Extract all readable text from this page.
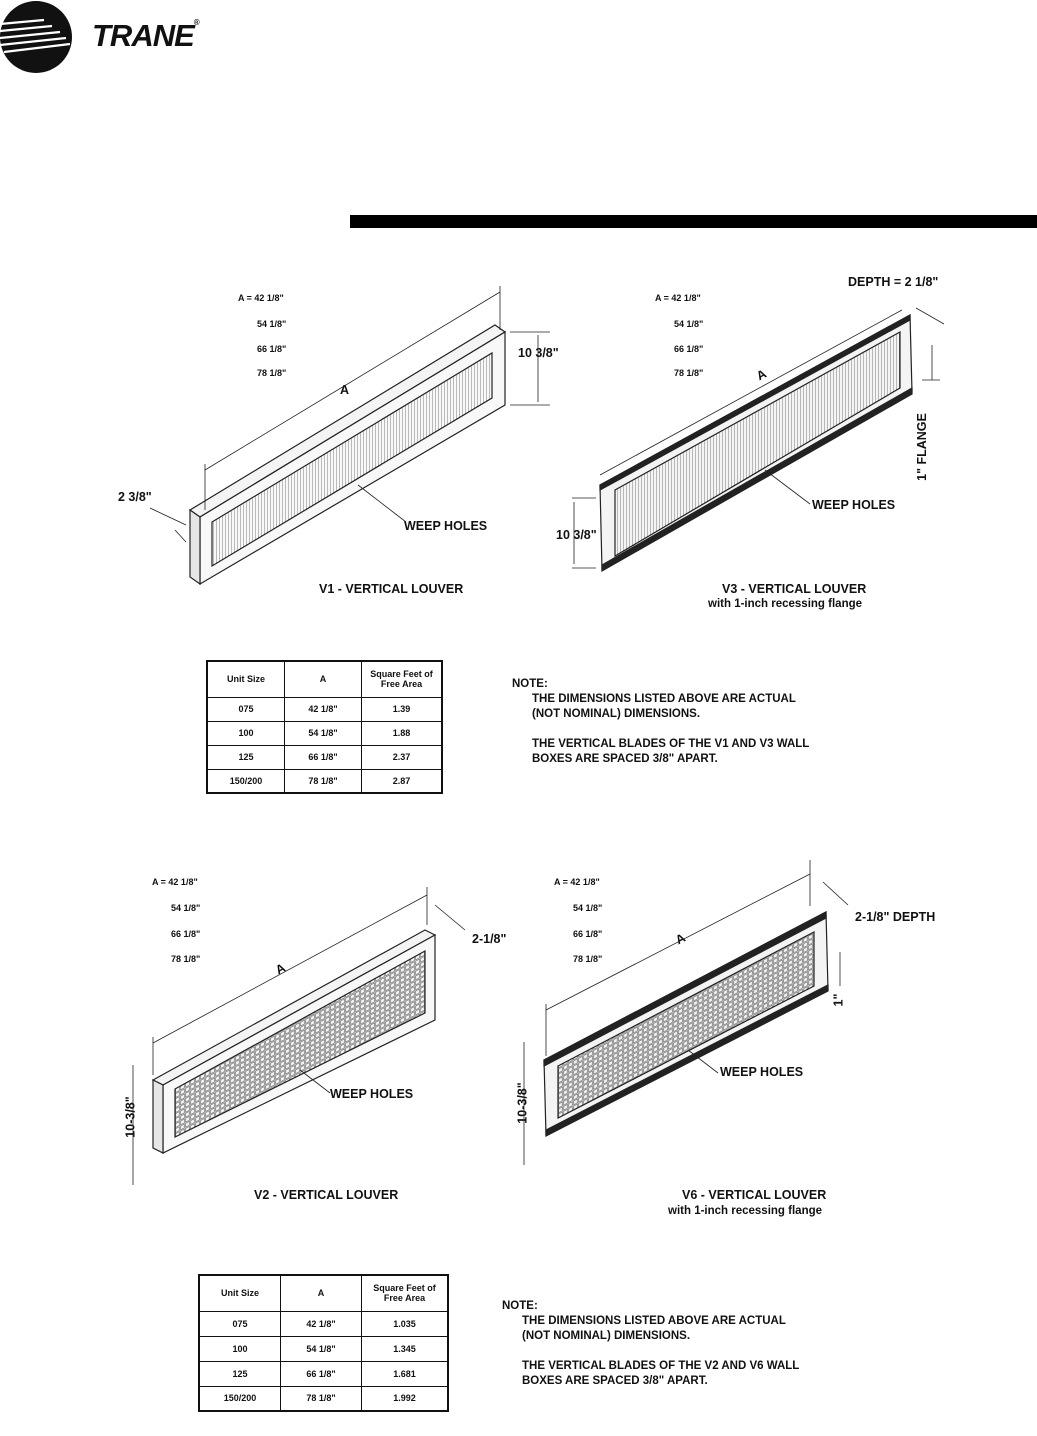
TRANE®
A = 42 1/8"
54 1/8"
66 1/8"
78 1/8"
A
10 3/8"
2 3/8"
WEEP HOLES
V1 - VERTICAL LOUVER
A = 42 1/8"
54 1/8"
66 1/8"
78 1/8"	A
DEPTH = 2 1/8"
1" FLANGE
10 3/8"
WEEP HOLES
V3 - VERTICAL LOUVER
with 1-inch recessing flange
Unit Size	A	Square Feet of Free Area
075	42 1/8"	1.39
100	54 1/8"	1.88
125	66 1/8"	2.37
150/200	78 1/8"	2.87

NOTE:

THE DIMENSIONS LISTED ABOVE ARE ACTUAL

(NOT NOMINAL) DIMENSIONS.

THE VERTICAL BLADES OF THE V1 AND V3 WALL

BOXES ARE SPACED 3/8" APART.

A = 42 1/8"
54 1/8"
66 1/8"
78 1/8"
A
2-1/8"
10-3/8"
WEEP HOLES
V2 - VERTICAL LOUVER
A = 42 1/8"
54 1/8"
66 1/8"
78 1/8"
A
2-1/8" DEPTH
1"
10-3/8"
WEEP HOLES
V6 - VERTICAL LOUVER
with 1-inch recessing flange
Unit Size	A	Square Feet of Free Area
075	42 1/8"	1.035
100	54 1/8"	1.345
125	66 1/8"	1.681
150/200	78 1/8"	1.992

NOTE:

THE DIMENSIONS LISTED ABOVE ARE ACTUAL

(NOT NOMINAL) DIMENSIONS.

THE VERTICAL BLADES OF THE V2 AND V6 WALL

BOXES ARE SPACED 3/8" APART.
